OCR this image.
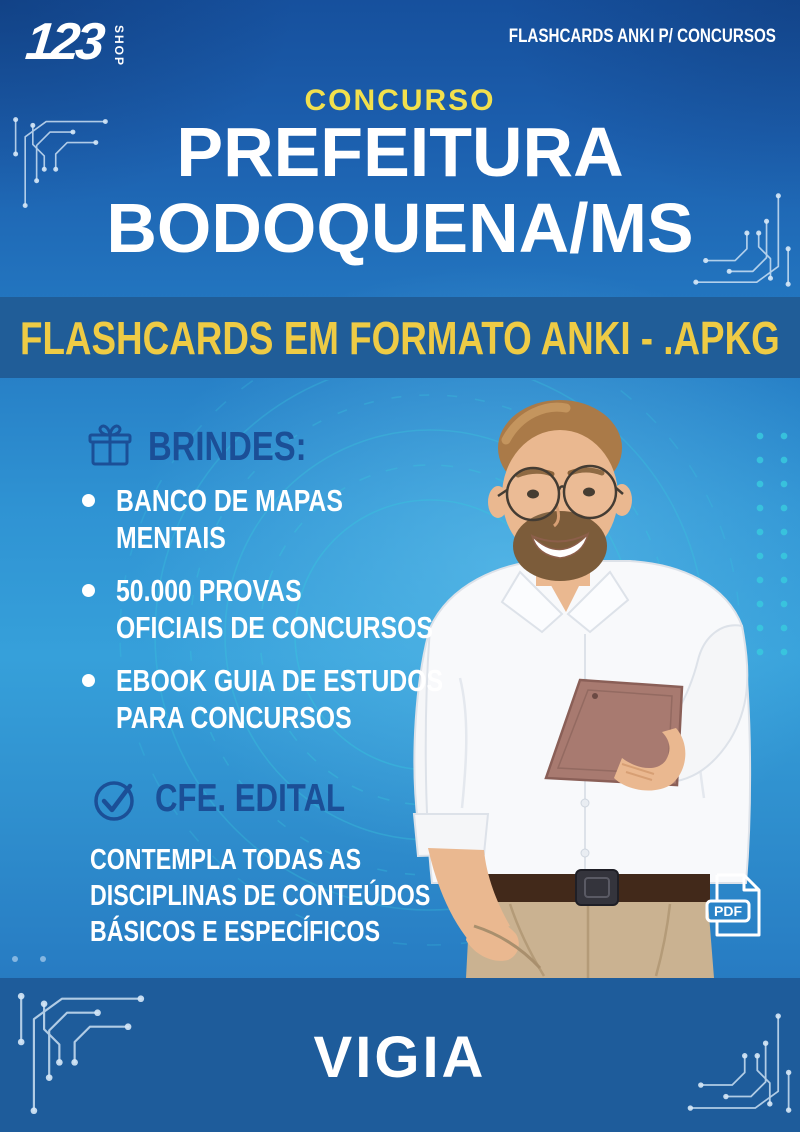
123 SHOP	FLASHCARDS ANKI P/ CONCURSOS
CONCURSO
PREFEITURA
BODOQUENA/MS
FLASHCARDS EM FORMATO ANKI - .APKG
BRINDES:
BANCO DE MAPAS
MENTAIS
50.000 PROVAS
OFICIAIS DE CONCURSOS
EBOOK GUIA DE ESTUDOS
PARA CONCURSOS
CFE. EDITAL
CONTEMPLA TODAS AS
DISCIPLINAS DE CONTEÚDOS
BÁSICOS E ESPECÍFICOS
PDF
VIGIA
